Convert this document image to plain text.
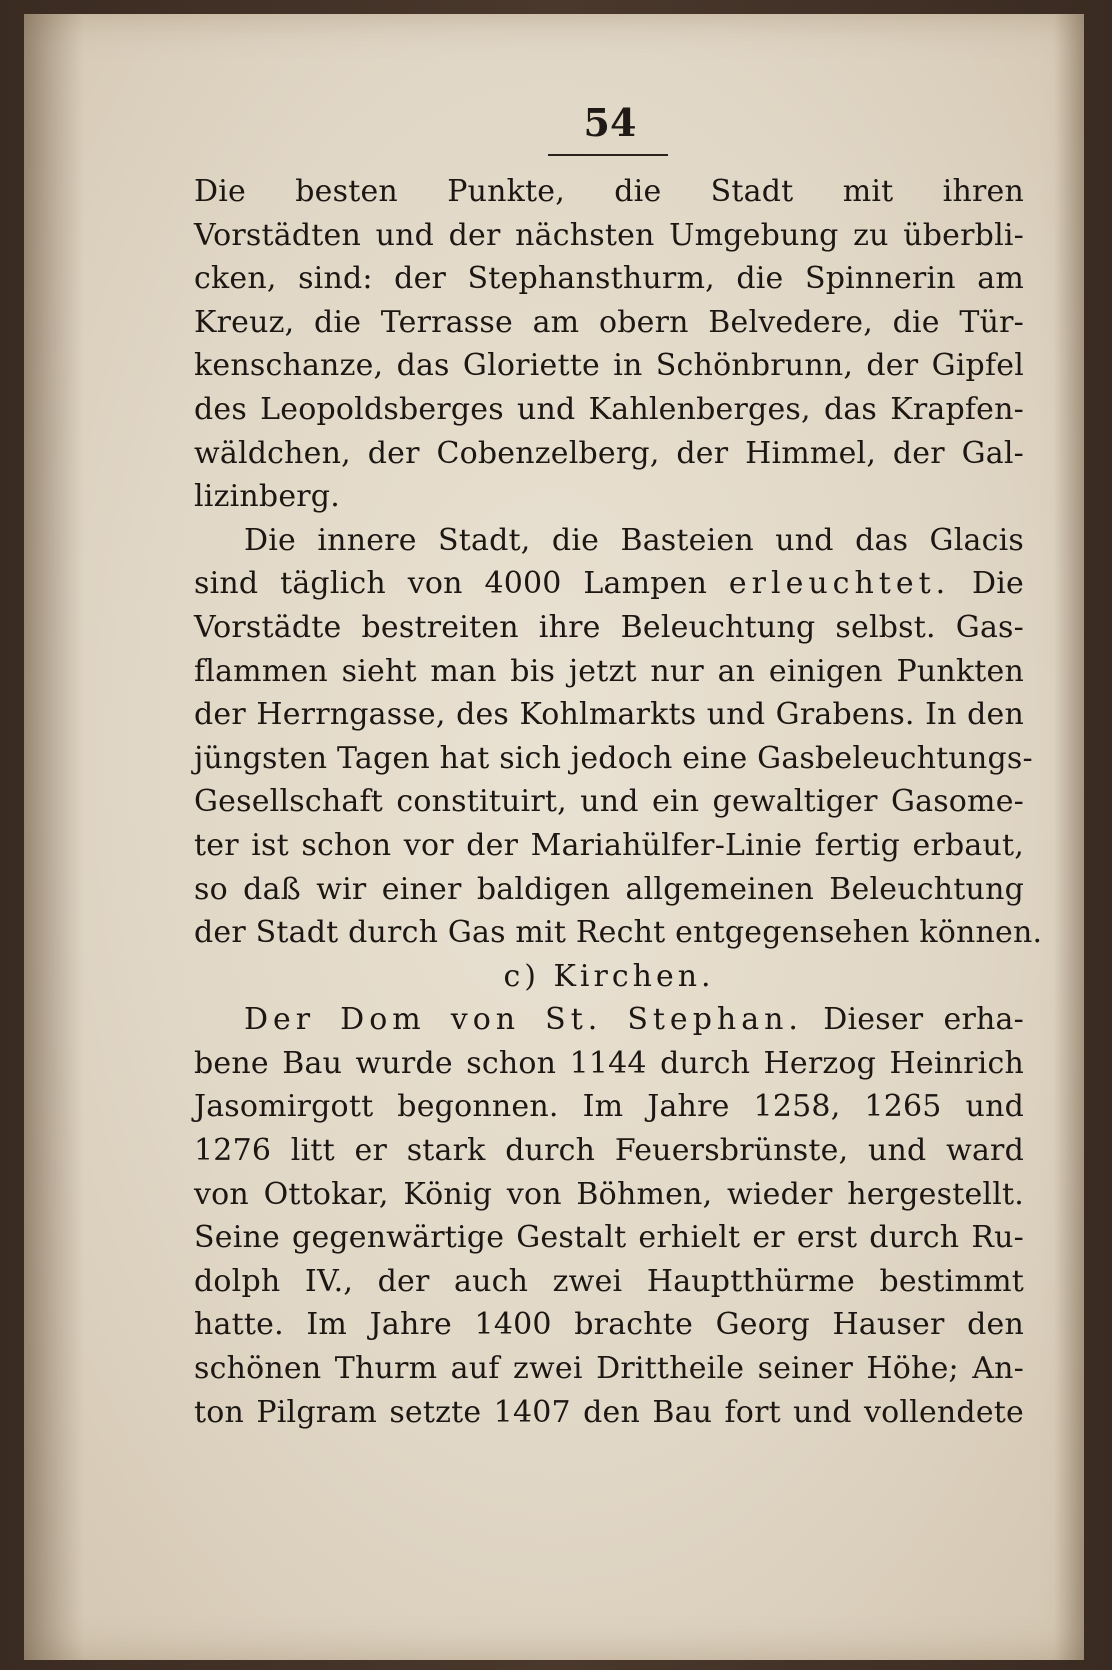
54
Die besten Punkte, die Stadt mit ihren
Vorstädten und der nächsten Umgebung zu überbli-
cken, sind: der Stephansthurm, die Spinnerin am
Kreuz, die Terrasse am obern Belvedere, die Tür-
kenschanze, das Gloriette in Schönbrunn, der Gipfel
des Leopoldsberges und Kahlenberges, das Krapfen-
wäldchen, der Cobenzelberg, der Himmel, der Gal-
lizinberg.
Die innere Stadt, die Basteien und das Glacis
sind täglich von 4000 Lampen erleuchtet. Die
Vorstädte bestreiten ihre Beleuchtung selbst. Gas-
flammen sieht man bis jetzt nur an einigen Punkten
der Herrngasse, des Kohlmarkts und Grabens. In den
jüngsten Tagen hat sich jedoch eine Gasbeleuchtungs-
Gesellschaft constituirt, und ein gewaltiger Gasome-
ter ist schon vor der Mariahülfer-Linie fertig erbaut,
so daß wir einer baldigen allgemeinen Beleuchtung
der Stadt durch Gas mit Recht entgegensehen können.
c) Kirchen.
Der Dom von St. Stephan. Dieser erha-
bene Bau wurde schon 1144 durch Herzog Heinrich
Jasomirgott begonnen. Im Jahre 1258, 1265 und
1276 litt er stark durch Feuersbrünste, und ward
von Ottokar, König von Böhmen, wieder hergestellt.
Seine gegenwärtige Gestalt erhielt er erst durch Ru-
dolph IV., der auch zwei Hauptthürme bestimmt
hatte. Im Jahre 1400 brachte Georg Hauser den
schönen Thurm auf zwei Drittheile seiner Höhe; An-
ton Pilgram setzte 1407 den Bau fort und vollendete
